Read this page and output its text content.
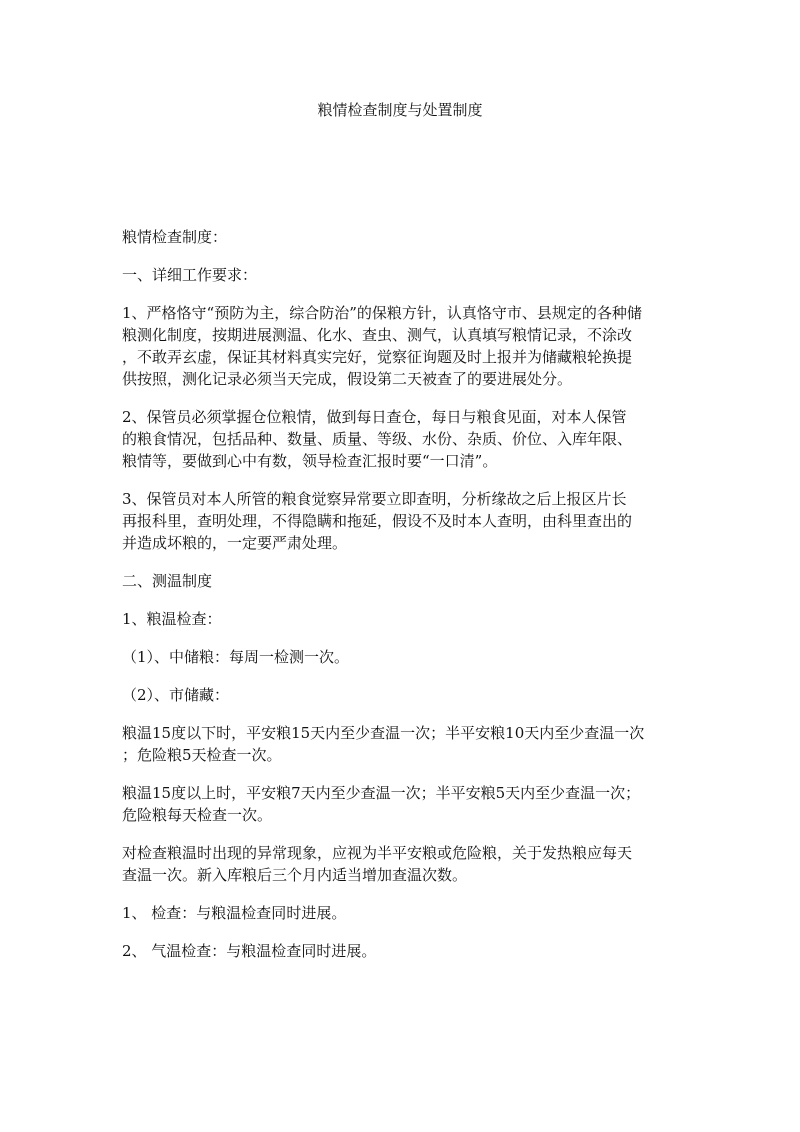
粮情检查制度与处置制度

粮情检查制度：

一、详细工作要求：

1、严格恪守“预防为主，综合防治”的保粮方针，认真恪守市、县规定的各种储
粮测化制度，按期进展测温、化水、查虫、测气，认真填写粮情记录，不涂改
，不敢弄玄虚，保证其材料真实完好，觉察征询题及时上报并为储藏粮轮换提
供按照，测化记录必须当天完成，假设第二天被查了的要进展处分。

2、保管员必须掌握仓位粮情，做到每日查仓，每日与粮食见面，对本人保管
的粮食情况，包括品种、数量、质量、等级、水份、杂质、价位、入库年限、
粮情等，要做到心中有数，领导检查汇报时要“一口清”。

3、保管员对本人所管的粮食觉察异常要立即查明，分析缘故之后上报区片长
再报科里，查明处理，不得隐瞒和拖延，假设不及时本人查明，由科里查出的
并造成坏粮的，一定要严肃处理。

二、测温制度

1、粮温检查：

（1）、中储粮：每周一检测一次。

（2）、市储藏：

粮温15度以下时，平安粮15天内至少查温一次；半平安粮10天内至少查温一次
；危险粮5天检查一次。

粮温15度以上时，平安粮7天内至少查温一次；半平安粮5天内至少查温一次；
危险粮每天检查一次。

对检查粮温时出现的异常现象，应视为半平安粮或危险粮，关于发热粮应每天
查温一次。新入库粮后三个月内适当增加查温次数。

1、 检查：与粮温检查同时进展。

2、 气温检查：与粮温检查同时进展。
